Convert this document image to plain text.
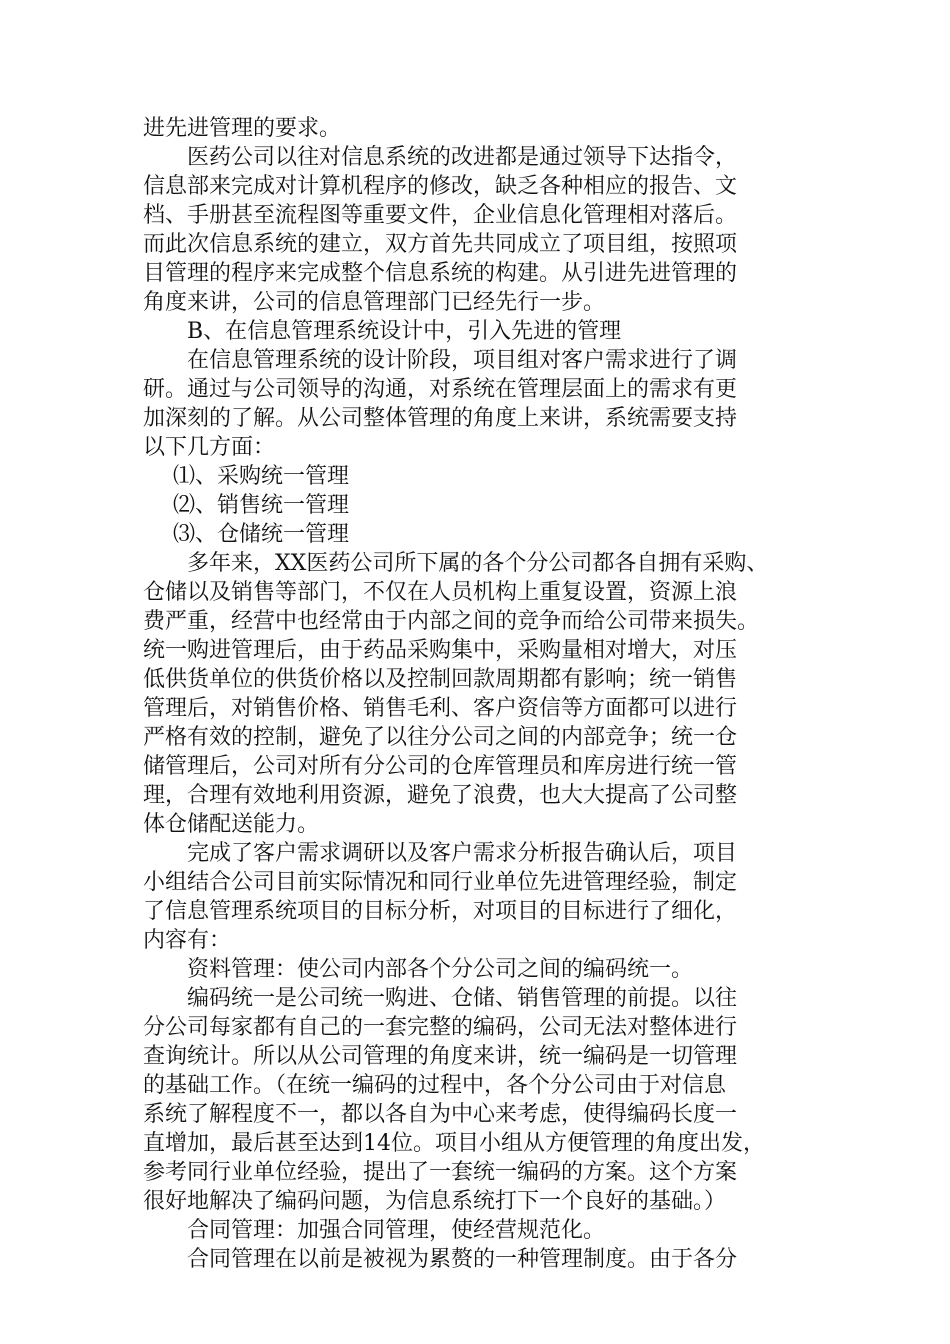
进先进管理的要求。
医药公司以往对信息系统的改进都是通过领导下达指令，
信息部来完成对计算机程序的修改，缺乏各种相应的报告、文
档、手册甚至流程图等重要文件，企业信息化管理相对落后。
而此次信息系统的建立，双方首先共同成立了项目组，按照项
目管理的程序来完成整个信息系统的构建。从引进先进管理的
角度来讲，公司的信息管理部门已经先行一步。
B、在信息管理系统设计中，引入先进的管理
在信息管理系统的设计阶段，项目组对客户需求进行了调
研。通过与公司领导的沟通，对系统在管理层面上的需求有更
加深刻的了解。从公司整体管理的角度上来讲，系统需要支持
以下几方面：
⑴、采购统一管理
⑵、销售统一管理
⑶、仓储统一管理
多年来，XX医药公司所下属的各个分公司都各自拥有采购、
仓储以及销售等部门，不仅在人员机构上重复设置，资源上浪
费严重，经营中也经常由于内部之间的竞争而给公司带来损失。
统一购进管理后，由于药品采购集中，采购量相对增大，对压
低供货单位的供货价格以及控制回款周期都有影响；统一销售
管理后，对销售价格、销售毛利、客户资信等方面都可以进行
严格有效的控制，避免了以往分公司之间的内部竞争；统一仓
储管理后，公司对所有分公司的仓库管理员和库房进行统一管
理，合理有效地利用资源，避免了浪费，也大大提高了公司整
体仓储配送能力。
完成了客户需求调研以及客户需求分析报告确认后，项目
小组结合公司目前实际情况和同行业单位先进管理经验，制定
了信息管理系统项目的目标分析，对项目的目标进行了细化，
内容有：
资料管理：使公司内部各个分公司之间的编码统一。
编码统一是公司统一购进、仓储、销售管理的前提。以往
分公司每家都有自己的一套完整的编码，公司无法对整体进行
查询统计。所以从公司管理的角度来讲，统一编码是一切管理
的基础工作。（在统一编码的过程中，各个分公司由于对信息
系统了解程度不一，都以各自为中心来考虑，使得编码长度一
直增加，最后甚至达到14位。项目小组从方便管理的角度出发，
参考同行业单位经验，提出了一套统一编码的方案。这个方案
很好地解决了编码问题，为信息系统打下一个良好的基础。）
合同管理：加强合同管理，使经营规范化。
合同管理在以前是被视为累赘的一种管理制度。由于各分
